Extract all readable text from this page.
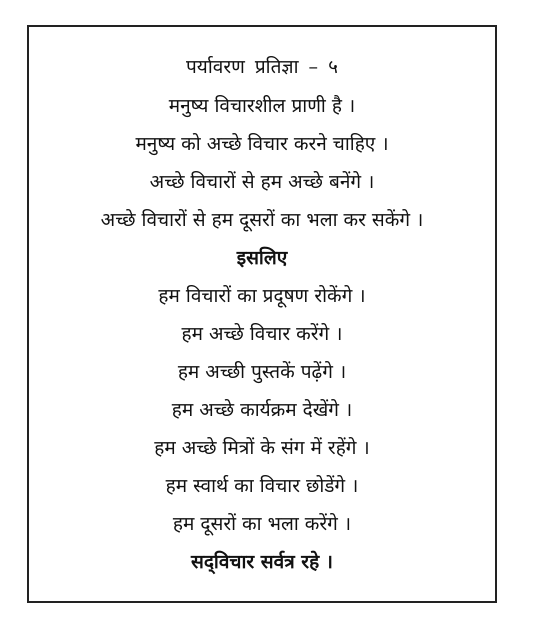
पर्यावरण प्रतिज्ञा – ५
मनुष्य विचारशील प्राणी है ।
मनुष्य को अच्छे विचार करने चाहिए ।
अच्छे विचारों से हम अच्छे बनेंगे ।
अच्छे विचारों से हम दूसरों का भला कर सकेंगे ।
इसलिए
हम विचारों का प्रदूषण रोकेंगे ।
हम अच्छे विचार करेंगे ।
हम अच्छी पुस्तकें पढ़ेंगे ।
हम अच्छे कार्यक्रम देखेंगे ।
हम अच्छे मित्रों के संग में रहेंगे ।
हम स्वार्थ का विचार छोडेंगे ।
हम दूसरों का भला करेंगे ।
सद्‌विचार सर्वत्र रहे ।
